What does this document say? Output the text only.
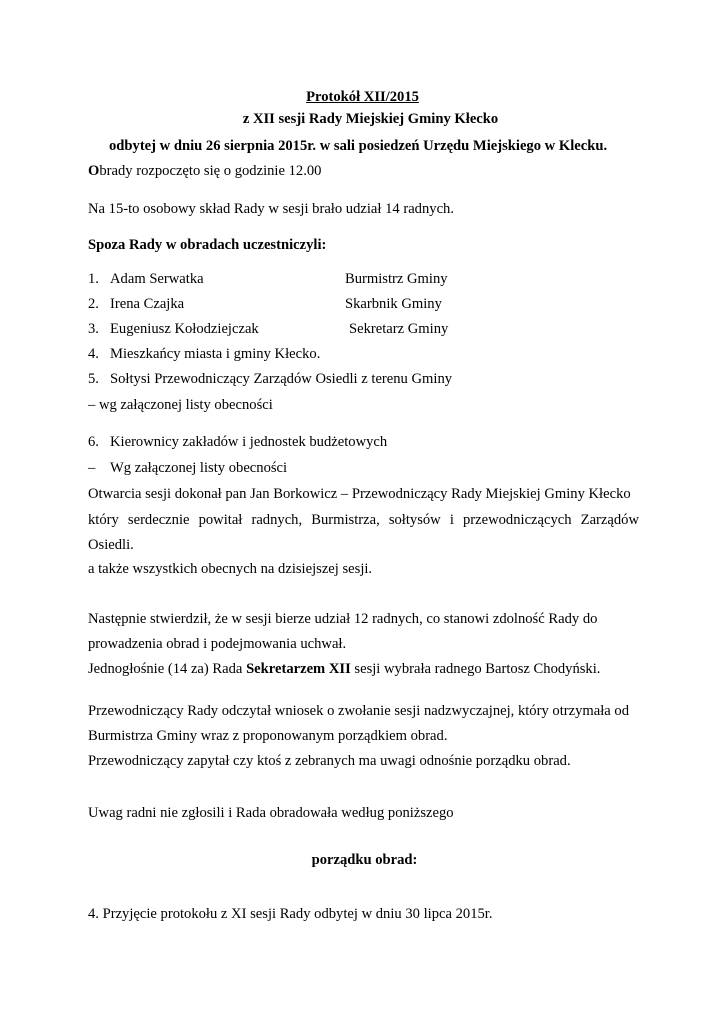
Protokół XII/2015
z XII sesji Rady Miejskiej Gminy Kłecko
odbytej w dniu 26 sierpnia 2015r. w sali posiedzeń Urzędu Miejskiego w Klecku.
Obrady rozpoczęto się o godzinie 12.00
Na 15-to osobowy skład Rady w sesji brało udział 14 radnych.
Spoza Rady w obradach uczestniczyli:
1. Adam Serwatka	Burmistrz Gminy
2. Irena Czajka	Skarbnik Gminy
3. Eugeniusz Kołodziejczak	Sekretarz Gminy
4. Mieszkańcy miasta i gminy Kłecko.
5. Sołtysi Przewodniczący Zarządów Osiedli z terenu Gminy
– wg załączonej listy obecności
6. Kierownicy zakładów i jednostek budżetowych
– Wg załączonej listy obecności
Otwarcia sesji dokonał pan Jan Borkowicz – Przewodniczący Rady Miejskiej Gminy Kłecko
który serdecznie powitał radnych, Burmistrza, sołtysów i przewodniczących Zarządów
Osiedli.
a także wszystkich obecnych na dzisiejszej sesji.
Następnie stwierdził, że w sesji bierze udział 12 radnych, co stanowi zdolność Rady do
prowadzenia obrad i podejmowania uchwał.
Jednogłośnie (14 za) Rada Sekretarzem XII sesji wybrała radnego Bartosz Chodyński.
Przewodniczący Rady odczytał wniosek o zwołanie sesji nadzwyczajnej, który otrzymała od
Burmistrza Gminy wraz z proponowanym porządkiem obrad.
Przewodniczący zapytał czy ktoś z zebranych ma uwagi odnośnie porządku obrad.
Uwag radni nie zgłosili i Rada obradowała według poniższego
porządku obrad:
4. Przyjęcie protokołu z XI sesji Rady odbytej w dniu 30 lipca 2015r.
